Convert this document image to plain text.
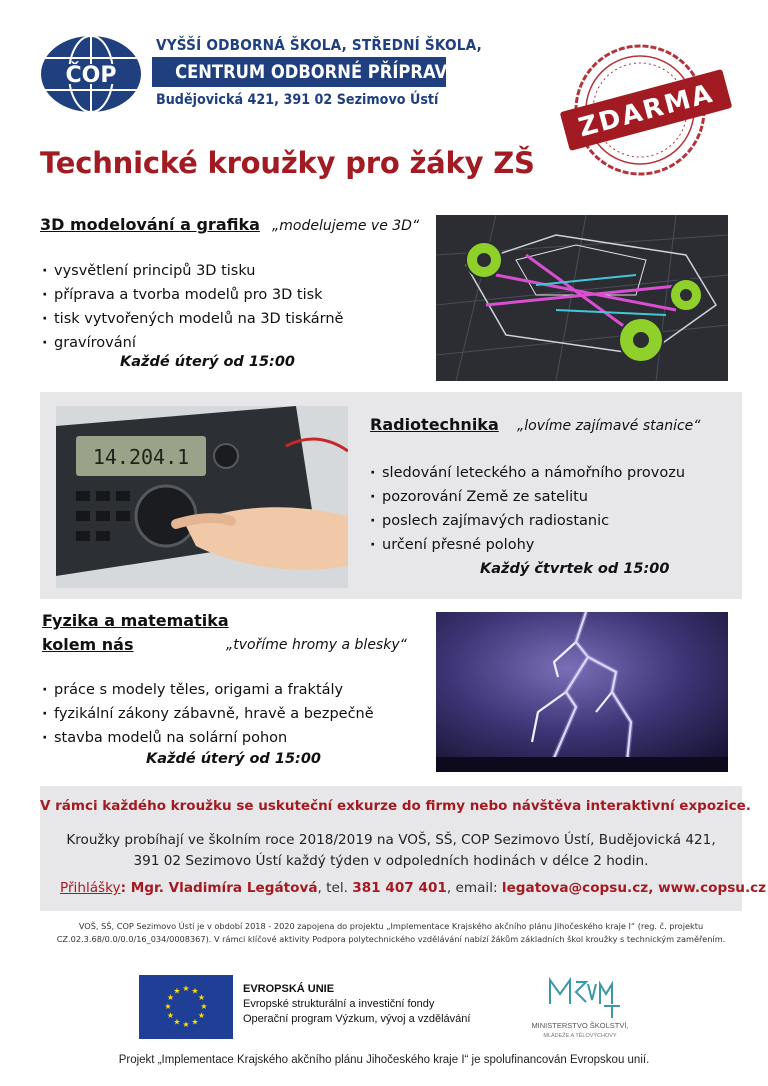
ČOP
VYŠŠÍ ODBORNÁ ŠKOLA, STŘEDNÍ ŠKOLA,
CENTRUM ODBORNÉ PŘÍPRAVY
Budějovická 421, 391 02 Sezimovo Ústí	ZDARMA
Technické kroužky pro žáky ZŠ
3D modelování a grafika „modelujeme ve 3D“
· vysvětlení principů 3D tisku
· příprava a tvorba modelů pro 3D tisk
· tisk vytvořených modelů na 3D tiskárně
· gravírování
Každé úterý od 15:00
14.204.1
Radiotechnika „lovíme zajímavé stanice“
· sledování leteckého a námořního provozu
· pozorování Země ze satelitu
· poslech zajímavých radiostanic
· určení přesné polohy
Každý čtvrtek od 15:00
Fyzika a matematika
kolem nás	„tvoříme hromy a blesky“
· práce s modely těles, origami a fraktály
· fyzikální zákony zábavně, hravě a bezpečně
· stavba modelů na solární pohon
Každé úterý od 15:00
V rámci každého kroužku se uskuteční exkurze do firmy nebo návštěva interaktivní expozice.
Kroužky probíhají ve školním roce 2018/2019 na VOŠ, SŠ, COP Sezimovo Ústí, Budějovická 421,
391 02 Sezimovo Ústí každý týden v odpoledních hodinách v délce 2 hodin.
Přihlášky: Mgr. Vladimíra Legátová, tel. 381 407 401, email: legatova@copsu.cz, www.copsu.cz
VOŠ, SŠ, COP Sezimovo Ústí je v období 2018 - 2020 zapojena do projektu „Implementace Krajského akčního plánu Jihočeského kraje I“ (reg. č. projektu
CZ.02.3.68/0.0/0.0/16_034/0008367). V rámci klíčové aktivity Podpora polytechnického vzdělávání nabízí žákům základních škol kroužky s technickým zaměřením.
★ ★
★
★
★
★
★
★
★
★
★
★	EVROPSKÁ UNIE
Evropské strukturální a investiční fondy
Operační program Výzkum, vývoj a vzdělávání
MINISTERSTVO ŠKOLSTVÍ,
MLÁDEŽE A TĚLOVÝCHOVY
Projekt „Implementace Krajského akčního plánu Jihočeského kraje I“ je spolufinancován Evropskou unií.
